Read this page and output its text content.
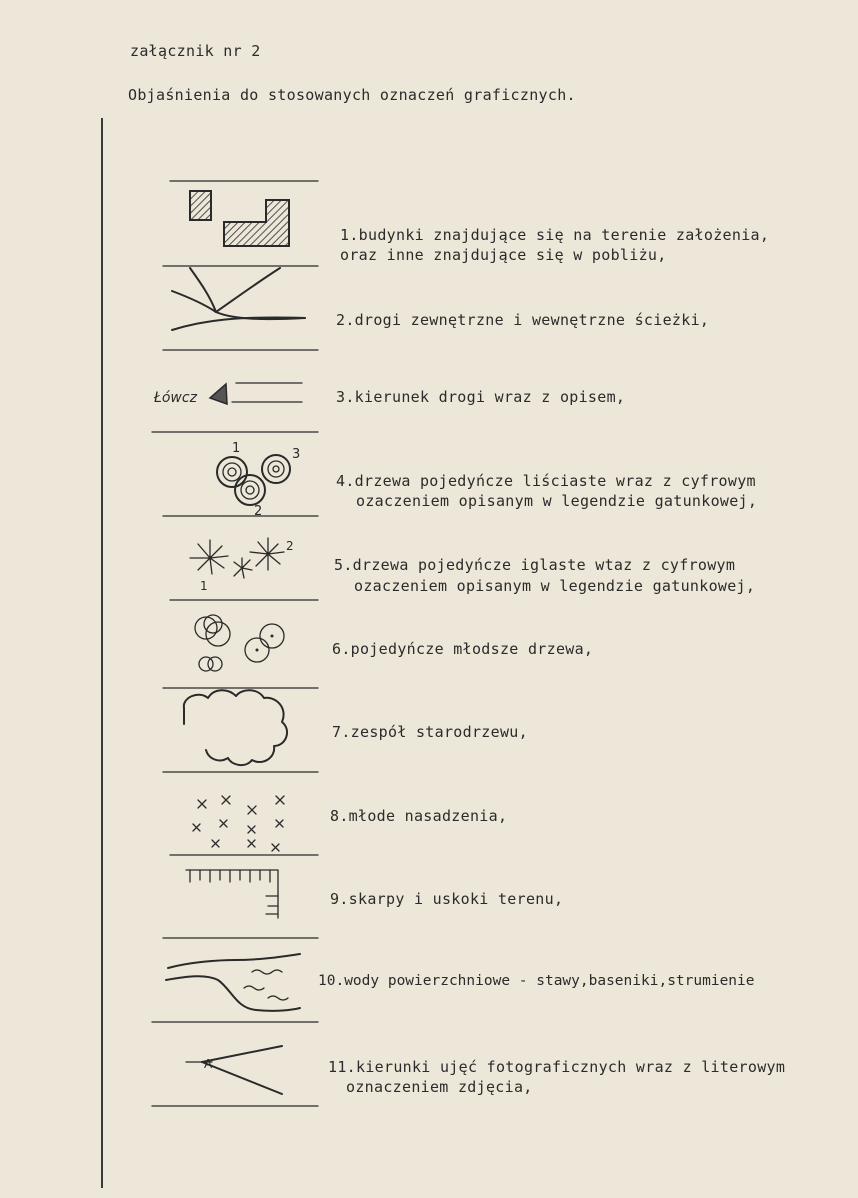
załącznik nr 2
Objaśnienia do stosowanych oznaczeń graficznych.
Łówcz
1	3
2
1
2
A
1.budynki znajdujące się na terenie założenia,
oraz inne znajdujące się w pobliżu,
2.drogi zewnętrzne i wewnętrzne ścieżki,
3.kierunek drogi wraz z opisem,
4.drzewa pojedyńcze liściaste wraz z cyfrowym
ozaczeniem opisanym w legendzie gatunkowej,
5.drzewa pojedyńcze iglaste wtaz z cyfrowym
ozaczeniem opisanym w legendzie gatunkowej,
6.pojedyńcze młodsze drzewa,
7.zespół starodrzewu,
8.młode nasadzenia,
9.skarpy i uskoki terenu,
10.wody powierzchniowe - stawy,baseniki,strumienie
11.kierunki ujęć fotograficznych wraz z literowym
oznaczeniem zdjęcia,
